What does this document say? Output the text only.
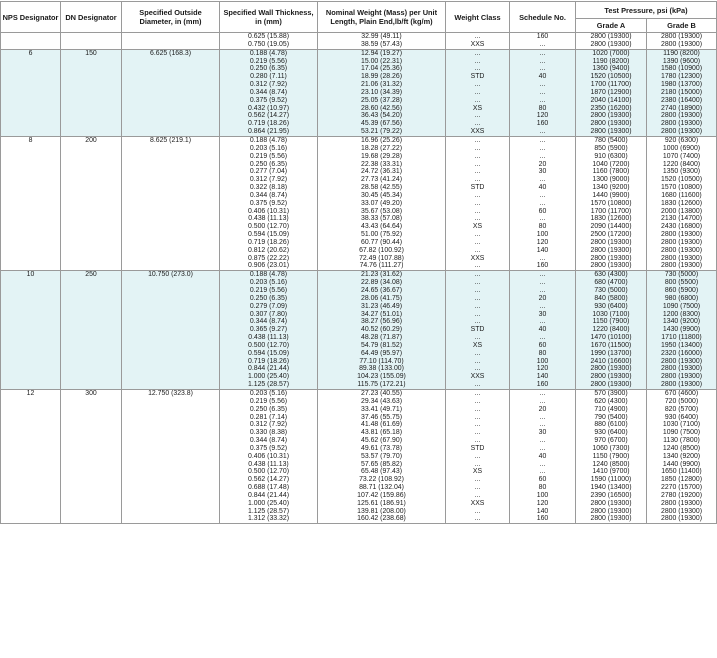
NPS Designator	DN Designator	Specified Outside Diameter, in (mm)	Specified Wall Thickness, in (mm)	Nominal Weight (Mass) per Unit Length, Plain End,lb/ft (kg/m)	Weight Class	Schedule No.	Test Pressure, psi (kPa)	
							Grade A	Grade B
			0.625 (15.88)	32.99 (49.11)	...	160	2800 (19300)	2800 (19300)
			0.750 (19.05)	38.59 (57.43)	XXS	...	2800 (19300)	2800 (19300)
6	150	6.625 (168.3)	0.188 (4.78)	12.94 (19.27)	...	...	1020 (7000)	1190 (8200)
			0.219 (5.56)	15.00 (22.31)	...	...	1190 (8200)	1390 (9600)
			0.250 (6.35)	17.04 (25.36)	...	...	1360 (9400)	1580 (10900)
			0.280 (7.11)	18.99 (28.26)	STD	40	1520 (10500)	1780 (12300)
			0.312 (7.92)	21.06 (31.32)	...	...	1700 (11700)	1980 (13700)
			0.344 (8.74)	23.10 (34.39)	...	...	1870 (12900)	2180 (15000)
			0.375 (9.52)	25.05 (37.28)	...	...	2040 (14100)	2380 (16400)
			0.432 (10.97)	28.60 (42.56)	XS	80	2350 (16200)	2740 (18900)
			0.562 (14.27)	36.43 (54.20)	...	120	2800 (19300)	2800 (19300)
			0.719 (18.26)	45.39 (67.56)	...	160	2800 (19300)	2800 (19300)
			0.864 (21.95)	53.21 (79.22)	XXS	...	2800 (19300)	2800 (19300)
8	200	8.625 (219.1)	0.188 (4.78)	16.96 (25.26)	...	...	780 (5400)	920 (6300)
			0.203 (5.16)	18.28 (27.22)	...	...	850 (5900)	1000 (6900)
			0.219 (5.56)	19.68 (29.28)	...	...	910 (6300)	1070 (7400)
			0.250 (6.35)	22.38 (33.31)	...	20	1040 (7200)	1220 (8400)
			0.277 (7.04)	24.72 (36.31)	...	30	1160 (7800)	1350 (9300)
			0.312 (7.92)	27.73 (41.24)	...	...	1300 (9000)	1520 (10500)
			0.322 (8.18)	28.58 (42.55)	STD	40	1340 (9200)	1570 (10800)
			0.344 (8.74)	30.45 (45.34)	...	...	1440 (9900)	1680 (11600)
			0.375 (9.52)	33.07 (49.20)	...	...	1570 (10800)	1830 (12600)
			0.406 (10.31)	35.67 (53.08)	...	60	1700 (11700)	2000 (13800)
			0.438 (11.13)	38.33 (57.08)	...	...	1830 (12600)	2130 (14700)
			0.500 (12.70)	43.43 (64.64)	XS	80	2090 (14400)	2430 (16800)
			0.594 (15.09)	51.00 (75.92)	...	100	2500 (17200)	2800 (19300)
			0.719 (18.26)	60.77 (90.44)	...	120	2800 (19300)	2800 (19300)
			0.812 (20.62)	67.82 (100.92)	...	140	2800 (19300)	2800 (19300)
			0.875 (22.22)	72.49 (107.88)	XXS	...	2800 (19300)	2800 (19300)
			0.906 (23.01)	74.76 (111.27)	...	160	2800 (19300)	2800 (19300)
10	250	10.750 (273.0)	0.188 (4.78)	21.23 (31.62)	...	...	630 (4300)	730 (5000)
			0.203 (5.16)	22.89 (34.08)	...	...	680 (4700)	800 (5500)
			0.219 (5.56)	24.65 (36.67)	...	...	730 (5000)	860 (5900)
			0.250 (6.35)	28.06 (41.75)	...	20	840 (5800)	980 (6800)
			0.279 (7.09)	31.23 (46.49)	...	...	930 (6400)	1090 (7500)
			0.307 (7.80)	34.27 (51.01)	...	30	1030 (7100)	1200 (8300)
			0.344 (8.74)	38.27 (56.96)	...	...	1150 (7900)	1340 (9200)
			0.365 (9.27)	40.52 (60.29)	STD	40	1220 (8400)	1430 (9900)
			0.438 (11.13)	48.28 (71.87)	...	...	1470 (10100)	1710 (11800)
			0.500 (12.70)	54.79 (81.52)	XS	60	1670 (11500)	1950 (13400)
			0.594 (15.09)	64.49 (95.97)	...	80	1990 (13700)	2320 (16000)
			0.719 (18.26)	77.10 (114.70)	...	100	2410 (16600)	2800 (19300)
			0.844 (21.44)	89.38 (133.00)	...	120	2800 (19300)	2800 (19300)
			1.000 (25.40)	104.23 (155.09)	XXS	140	2800 (19300)	2800 (19300)
			1.125 (28.57)	115.75 (172.21)	...	160	2800 (19300)	2800 (19300)
12	300	12.750 (323.8)	0.203 (5.16)	27.23 (40.55)	...	...	570 (3900)	670 (4600)
			0.219 (5.56)	29.34 (43.63)	...	...	620 (4300)	720 (5000)
			0.250 (6.35)	33.41 (49.71)	...	20	710 (4900)	820 (5700)
			0.281 (7.14)	37.46 (55.75)	...	...	790 (5400)	930 (6400)
			0.312 (7.92)	41.48 (61.69)	...	...	880 (6100)	1030 (7100)
			0.330 (8.38)	43.81 (65.18)	...	30	930 (6400)	1090 (7500)
			0.344 (8.74)	45.62 (67.90)	...	...	970 (6700)	1130 (7800)
			0.375 (9.52)	49.61 (73.78)	STD	...	1060 (7300)	1240 (8500)
			0.406 (10.31)	53.57 (79.70)	...	40	1150 (7900)	1340 (9200)
			0.438 (11.13)	57.65 (85.82)	...	...	1240 (8500)	1440 (9900)
			0.500 (12.70)	65.48 (97.43)	XS	...	1410 (9700)	1650 (11400)
			0.562 (14.27)	73.22 (108.92)	...	60	1590 (11000)	1850 (12800)
			0.688 (17.48)	88.71 (132.04)	...	80	1940 (13400)	2270 (15700)
			0.844 (21.44)	107.42 (159.86)	...	100	2390 (16500)	2780 (19200)
			1.000 (25.40)	125.61 (186.91)	XXS	120	2800 (19300)	2800 (19300)
			1.125 (28.57)	139.81 (208.00)	...	140	2800 (19300)	2800 (19300)
			1.312 (33.32)	160.42 (238.68)	...	160	2800 (19300)	2800 (19300)
